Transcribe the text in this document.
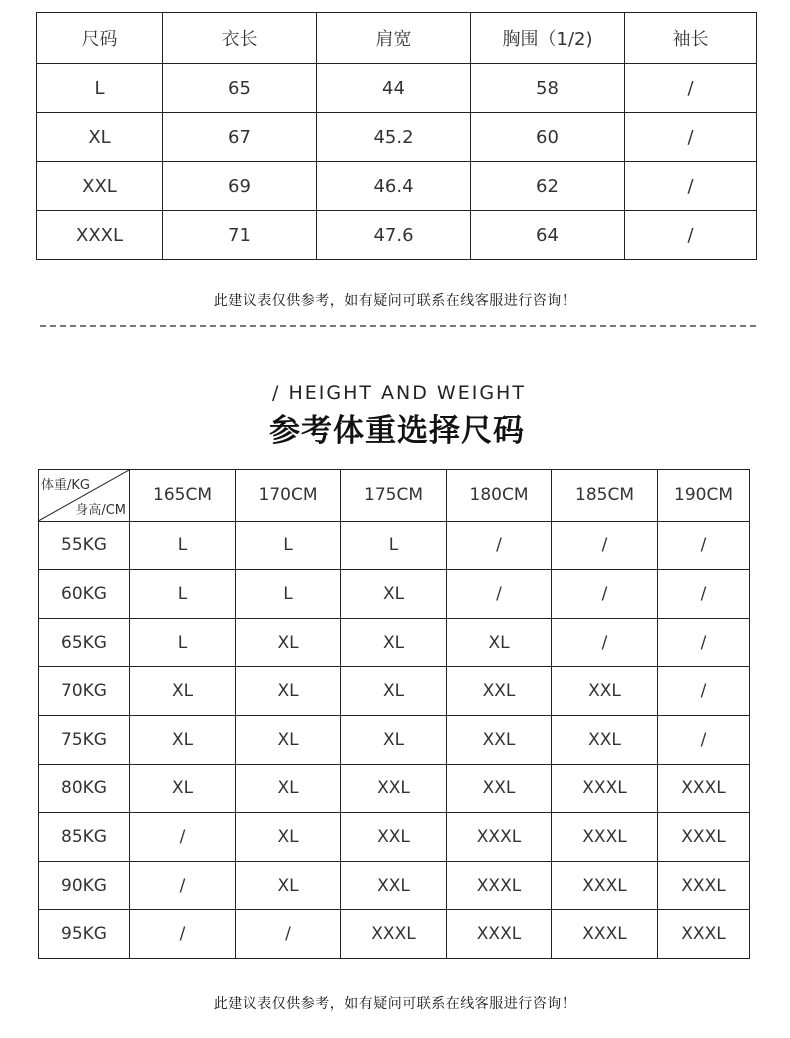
尺码	衣长	肩宽	胸围（1/2)	袖长
L	65	44	58	/
XL	67	45.2	60	/
XXL	69	46.4	62	/
XXXL	71	47.6	64	/
此建议表仅供参考，如有疑问可联系在线客服进行咨询！
/ HEIGHT AND WEIGHT
参考体重选择尺码
体重/KG
身高/CM	165CM	170CM	175CM	180CM	185CM	190CM
55KG	L	L	L	/	/	/
60KG	L	L	XL	/	/	/
65KG	L	XL	XL	XL	/	/
70KG	XL	XL	XL	XXL	XXL	/
75KG	XL	XL	XL	XXL	XXL	/
80KG	XL	XL	XXL	XXL	XXXL	XXXL
85KG	/	XL	XXL	XXXL	XXXL	XXXL
90KG	/	XL	XXL	XXXL	XXXL	XXXL
95KG	/	/	XXXL	XXXL	XXXL	XXXL
此建议表仅供参考，如有疑问可联系在线客服进行咨询！
